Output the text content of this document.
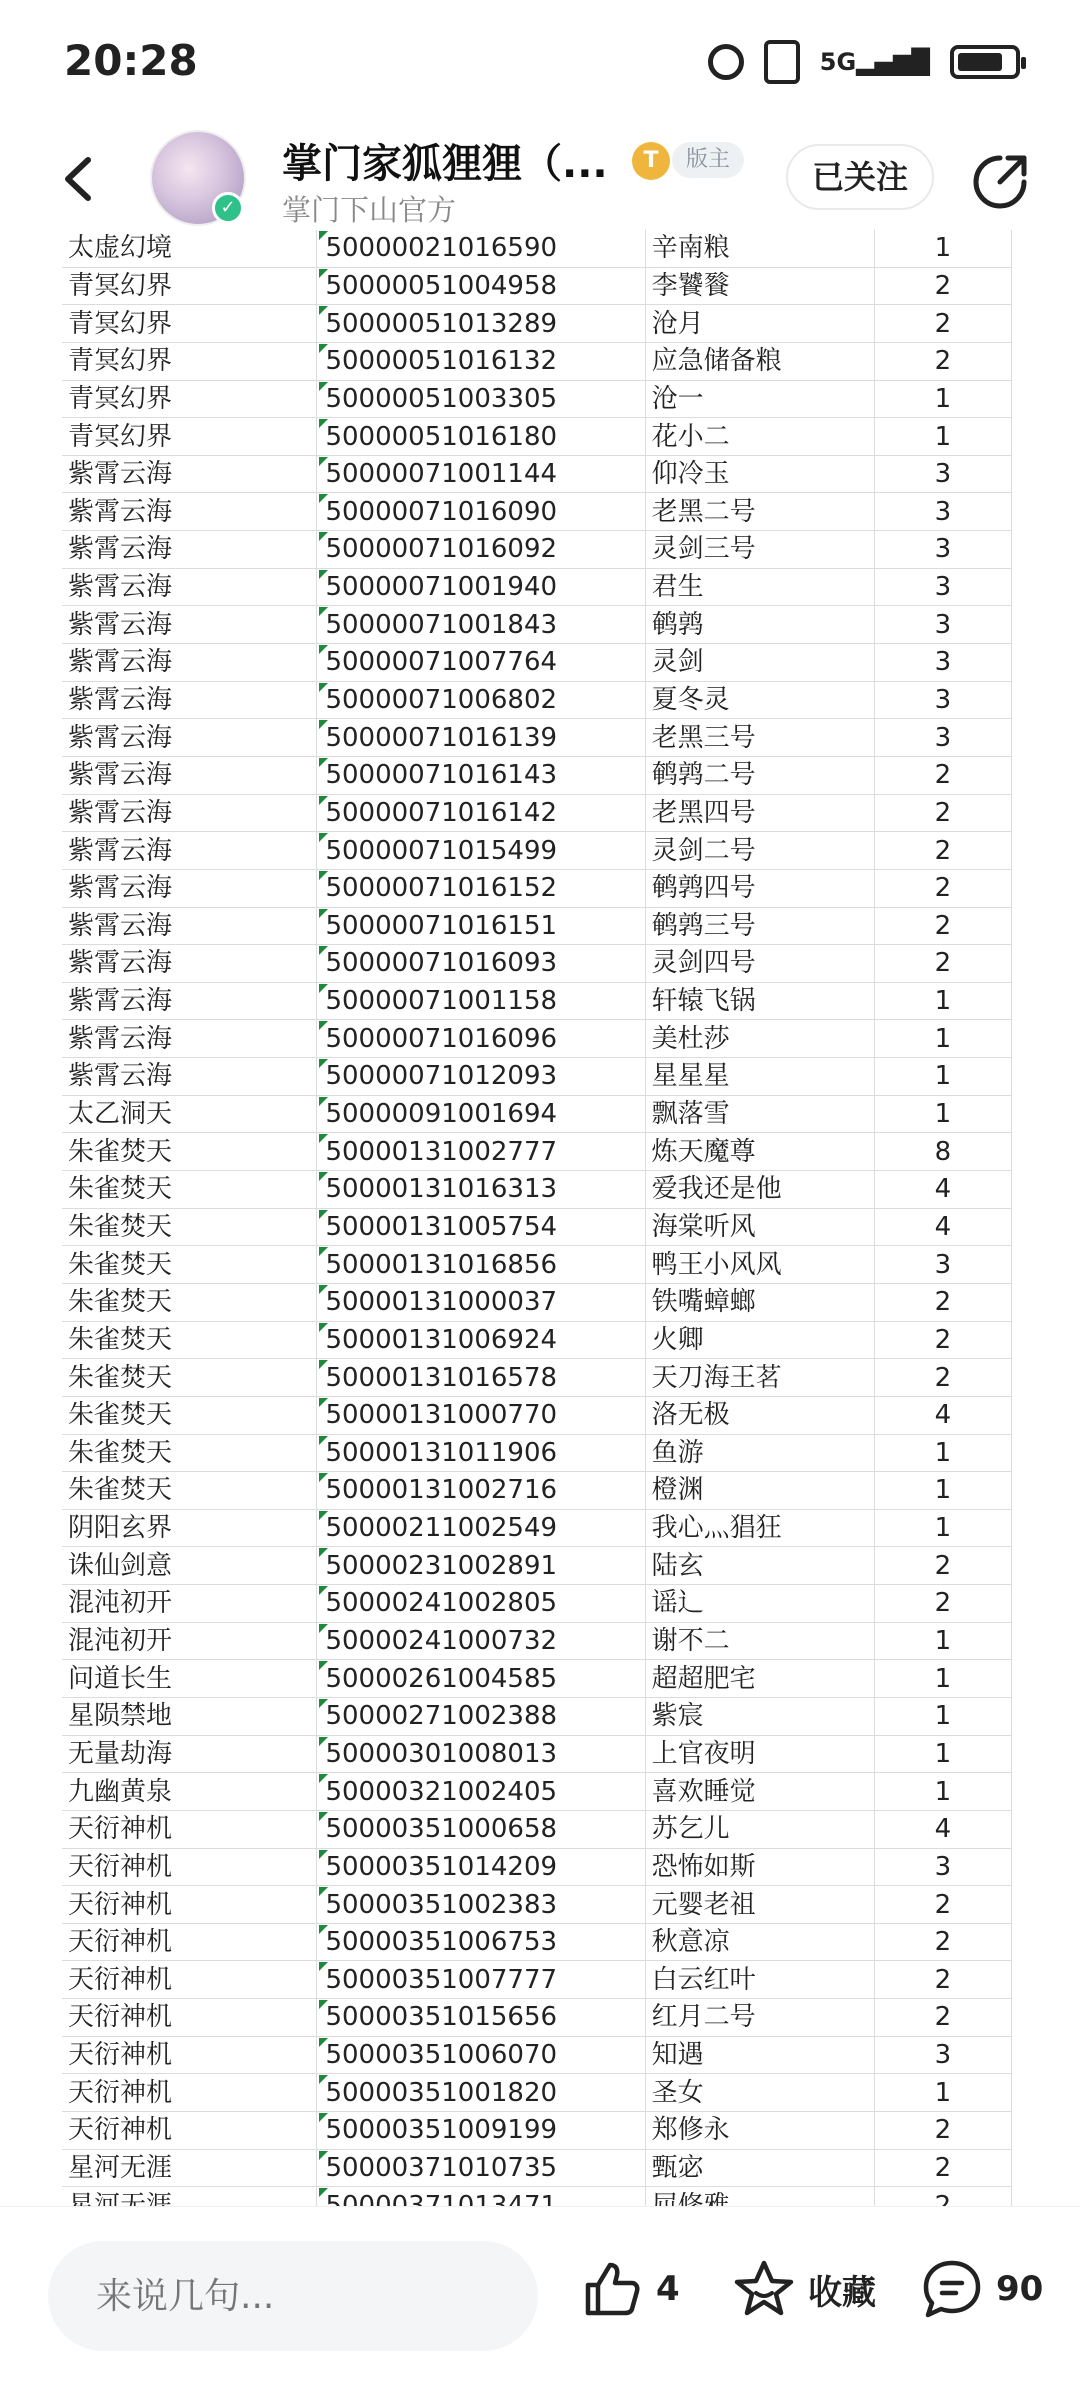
20:28	5G▂▄▆█
✓
掌门家狐狸狸（...
掌门下山官方
T	版主	已关注
太虚幻境	50000021016590	辛南粮	1
青冥幻界	50000051004958	李饕餮	2
青冥幻界	50000051013289	沧月	2
青冥幻界	50000051016132	应急储备粮	2
青冥幻界	50000051003305	沧一	1
青冥幻界	50000051016180	花小二	1
紫霄云海	50000071001144	仰冷玉	3
紫霄云海	50000071016090	老黑二号	3
紫霄云海	50000071016092	灵剑三号	3
紫霄云海	50000071001940	君生	3
紫霄云海	50000071001843	鹌鹑	3
紫霄云海	50000071007764	灵剑	3
紫霄云海	50000071006802	夏冬灵	3
紫霄云海	50000071016139	老黑三号	3
紫霄云海	50000071016143	鹌鹑二号	2
紫霄云海	50000071016142	老黑四号	2
紫霄云海	50000071015499	灵剑二号	2
紫霄云海	50000071016152	鹌鹑四号	2
紫霄云海	50000071016151	鹌鹑三号	2
紫霄云海	50000071016093	灵剑四号	2
紫霄云海	50000071001158	轩辕飞锅	1
紫霄云海	50000071016096	美杜莎	1
紫霄云海	50000071012093	星星星	1
太乙洞天	50000091001694	飘落雪	1
朱雀焚天	50000131002777	炼天魔尊	8
朱雀焚天	50000131016313	爱我还是他	4
朱雀焚天	50000131005754	海棠听风	4
朱雀焚天	50000131016856	鸭王小风风	3
朱雀焚天	50000131000037	铁嘴蟑螂	2
朱雀焚天	50000131006924	火卿	2
朱雀焚天	50000131016578	天刀海王茗	2
朱雀焚天	50000131000770	洛无极	4
朱雀焚天	50000131011906	鱼游	1
朱雀焚天	50000131002716	橙渊	1
阴阳玄界	50000211002549	我心灬猖狂	1
诛仙剑意	50000231002891	陆玄	2
混沌初开	50000241002805	谣辶	2
混沌初开	50000241000732	谢不二	1
问道长生	50000261004585	超超肥宅	1
星陨禁地	50000271002388	紫宸	1
无量劫海	50000301008013	上官夜明	1
九幽黄泉	50000321002405	喜欢睡觉	1
天衍神机	50000351000658	苏乞儿	4
天衍神机	50000351014209	恐怖如斯	3
天衍神机	50000351002383	元婴老祖	2
天衍神机	50000351006753	秋意凉	2
天衍神机	50000351007777	白云红叶	2
天衍神机	50000351015656	红月二号	2
天衍神机	50000351006070	知遇	3
天衍神机	50000351001820	圣女	1
天衍神机	50000351009199	郑修永	2
星河无涯	50000371010735	甄宓	2

来说几句...
4	收藏	90
